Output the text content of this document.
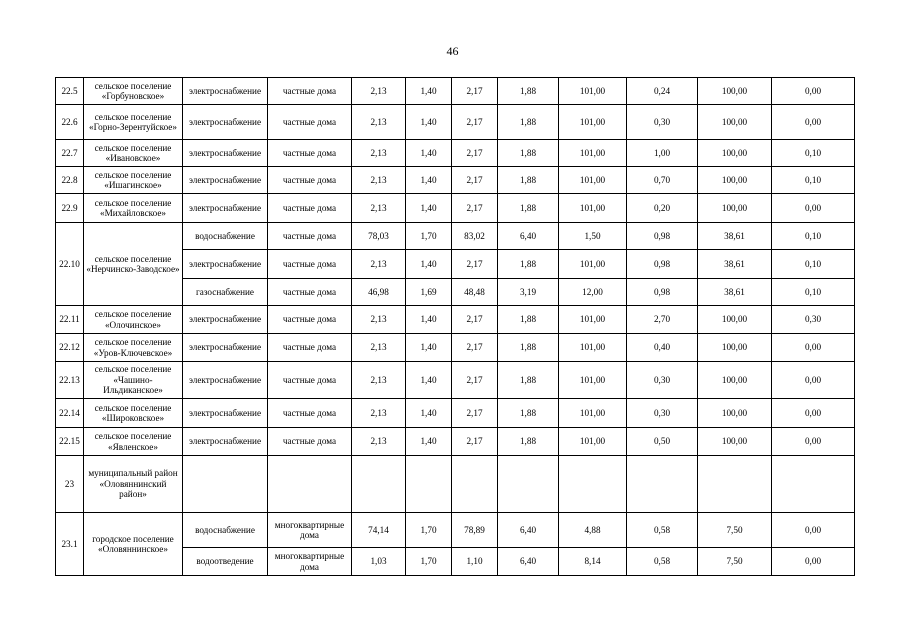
46
22.5	сельское поселение «Горбуновское»	электроснабжение	частные дома	2,13	1,40	2,17	1,88	101,00	0,24	100,00	0,00
22.6	сельское поселение «Горно-Зерентуйское»	электроснабжение	частные дома	2,13	1,40	2,17	1,88	101,00	0,30	100,00	0,00
22.7	сельское поселение «Ивановское»	электроснабжение	частные дома	2,13	1,40	2,17	1,88	101,00	1,00	100,00	0,10
22.8	сельское поселение «Ишагинское»	электроснабжение	частные дома	2,13	1,40	2,17	1,88	101,00	0,70	100,00	0,10
22.9	сельское поселение «Михайловское»	электроснабжение	частные дома	2,13	1,40	2,17	1,88	101,00	0,20	100,00	0,00
22.10	сельское поселение «Нерчинско-Заводское»	водоснабжение	частные дома	78,03	1,70	83,02	6,40	1,50	0,98	38,61	0,10
		электроснабжение	частные дома	2,13	1,40	2,17	1,88	101,00	0,98	38,61	0,10
		газоснабжение	частные дома	46,98	1,69	48,48	3,19	12,00	0,98	38,61	0,10
22.11	сельское поселение «Олочинское»	электроснабжение	частные дома	2,13	1,40	2,17	1,88	101,00	2,70	100,00	0,30
22.12	сельское поселение «Уров-Ключевское»	электроснабжение	частные дома	2,13	1,40	2,17	1,88	101,00	0,40	100,00	0,00
22.13	сельское поселение «Чашино-Ильдиканское»	электроснабжение	частные дома	2,13	1,40	2,17	1,88	101,00	0,30	100,00	0,00
22.14	сельское поселение «Широковское»	электроснабжение	частные дома	2,13	1,40	2,17	1,88	101,00	0,30	100,00	0,00
22.15	сельское поселение «Явленское»	электроснабжение	частные дома	2,13	1,40	2,17	1,88	101,00	0,50	100,00	0,00
23	муниципальный район «Оловяннинский район»										
23.1	городское поселение «Оловяннинское»	водоснабжение	многоквартирные дома	74,14	1,70	78,89	6,40	4,88	0,58	7,50	0,00
		водоотведение	многоквартирные дома	1,03	1,70	1,10	6,40	8,14	0,58	7,50	0,00
